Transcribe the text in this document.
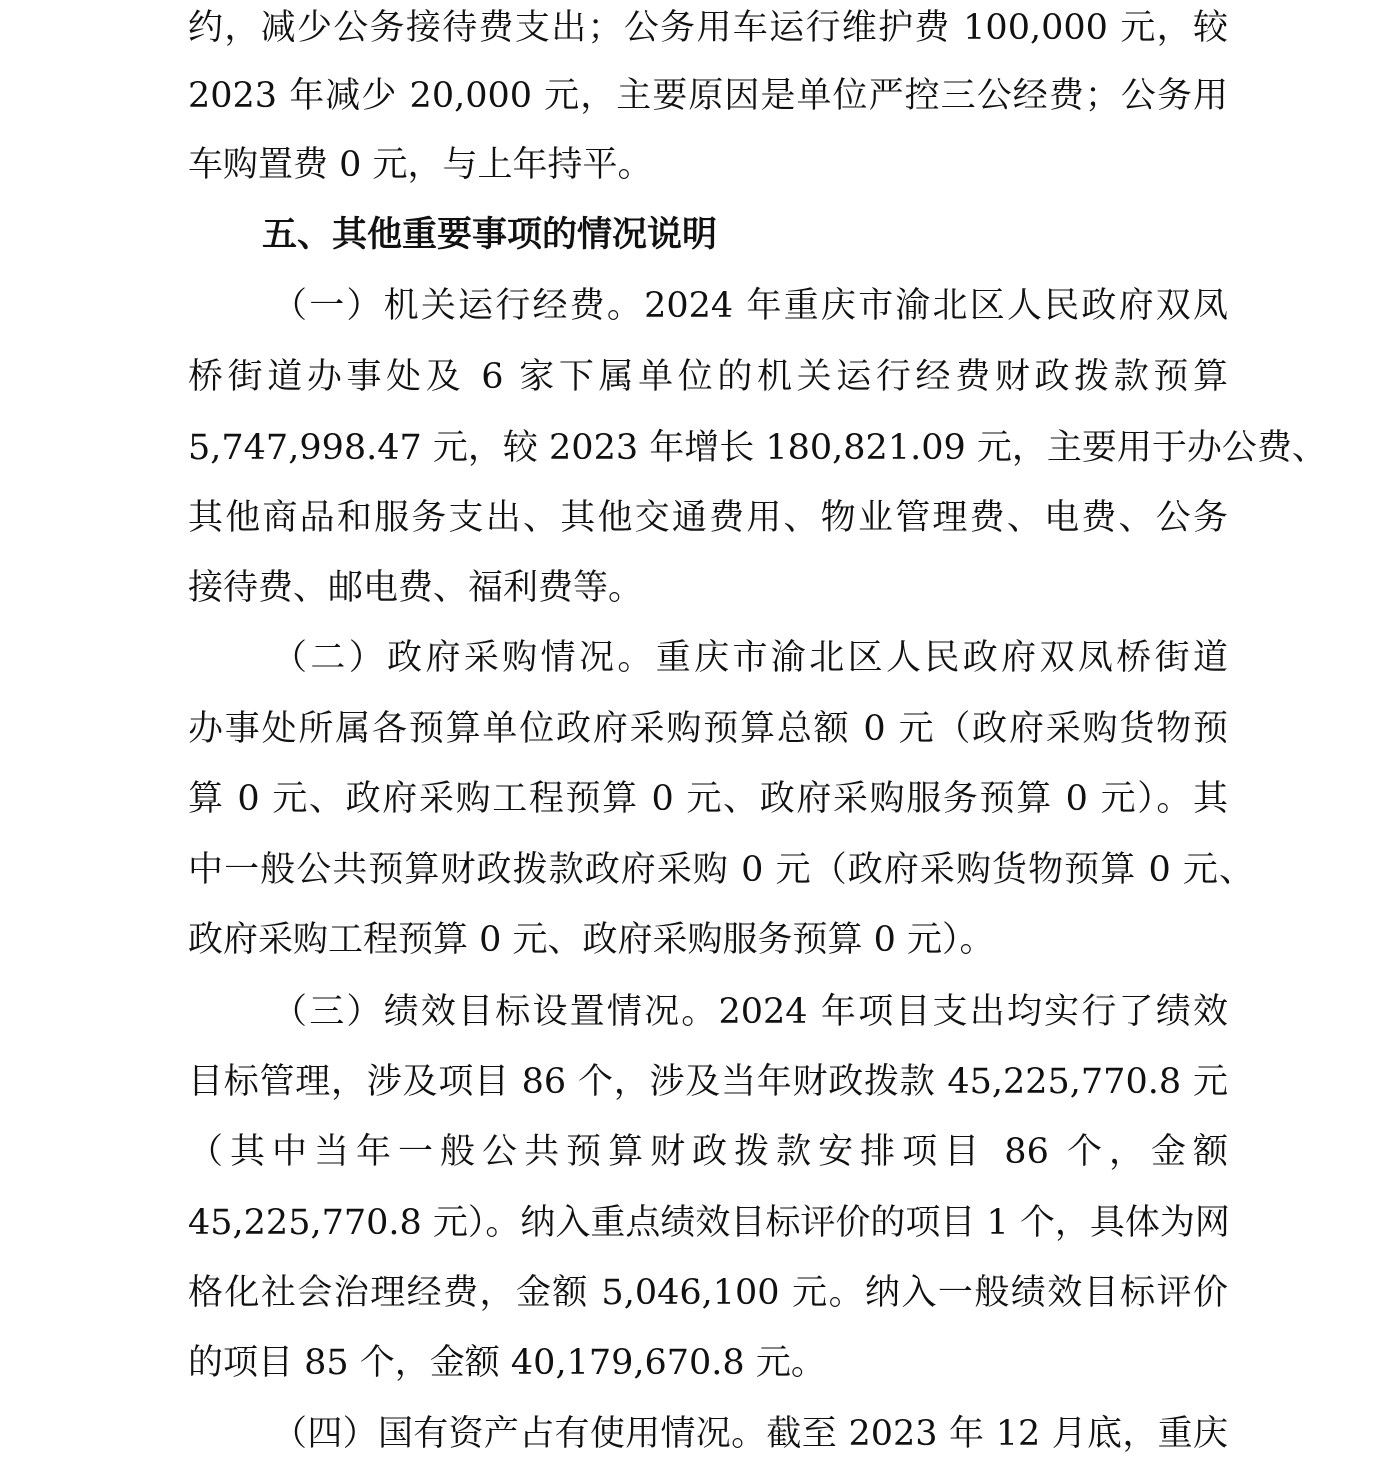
约，减少公务接待费支出；公务用车运行维护费 100,000 元，较
2023 年减少 20,000 元，主要原因是单位严控三公经费；公务用
车购置费 0 元，与上年持平。
五、其他重要事项的情况说明
（一）机关运行经费。2024 年重庆市渝北区人民政府双凤
桥街道办事处及 6 家下属单位的机关运行经费财政拨款预算
5,747,998.47 元，较 2023 年增长 180,821.09 元，主要用于办公费、
其他商品和服务支出、其他交通费用、物业管理费、电费、公务
接待费、邮电费、福利费等。
（二）政府采购情况。重庆市渝北区人民政府双凤桥街道
办事处所属各预算单位政府采购预算总额 0 元（政府采购货物预
算 0 元、政府采购工程预算 0 元、政府采购服务预算 0 元）。其
中一般公共预算财政拨款政府采购 0 元（政府采购货物预算 0 元、
政府采购工程预算 0 元、政府采购服务预算 0 元）。
（三）绩效目标设置情况。2024 年项目支出均实行了绩效
目标管理，涉及项目 86 个，涉及当年财政拨款 45,225,770.8 元
（其中当年一般公共预算财政拨款安排项目 86 个，金额
45,225,770.8 元）。纳入重点绩效目标评价的项目 1 个，具体为网
格化社会治理经费，金额 5,046,100 元。纳入一般绩效目标评价
的项目 85 个，金额 40,179,670.8 元。
（四）国有资产占有使用情况。截至 2023 年 12 月底，重庆
